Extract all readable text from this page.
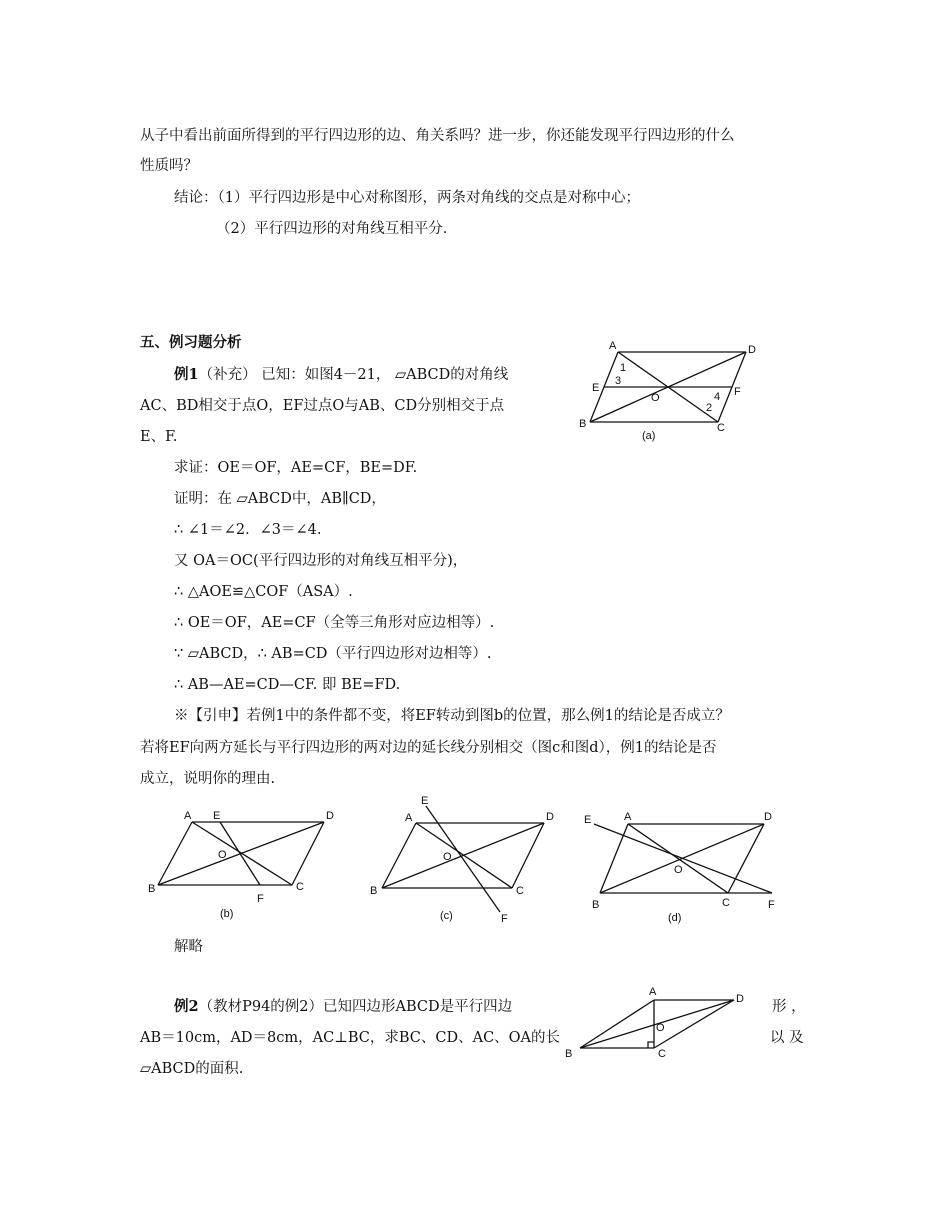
从子中看出前面所得到的平行四边形的边、角关系吗？进一步，你还能发现平行四边形的什么
性质吗？
结论：（1）平行四边形是中心对称图形，两条对角线的交点是对称中心；
（2）平行四边形的对角线互相平分.
五、例习题分析
例1（补充） 已知：如图4－21， ▱ABCD的对角线
AC、BD相交于点O，EF过点O与AB、CD分别相交于点
E、F.
求证：OE＝OF，AE=CF，BE=DF.
证明：在 ▱ABCD中，AB∥CD，
∴ ∠1＝∠2．∠3＝∠4.
又 OA＝OC(平行四边形的对角线互相平分)，
∴ △AOE≌△COF（ASA）.
∴ OE＝OF，AE=CF（全等三角形对应边相等）.
∵ ▱ABCD，∴ AB=CD（平行四边形对边相等）.
∴ AB—AE=CD—CF. 即 BE=FD.
※【引申】若例1中的条件都不变，将EF转动到图b的位置，那么例1的结论是否成立？
若将EF向两方延长与平行四边形的两对边的延长线分别相交（图c和图d），例1的结论是否
成立，说明你的理由.
解略
例2（教材P94的例2）已知四边形ABCD是平行四边	形 ，
AB＝10cm，AD＝8cm，AC⊥BC，求BC、CD、AC、OA的长	以 及
▱ABCD的面积.
A	D
E	F
B	C
O
1
3
4
2
(a)
A E	D
O
B	C
F
(b)
E
A	D
O
B	C
F
(c)
E	A	D
O
B	C	F
(d)
A
D
O
B	C
